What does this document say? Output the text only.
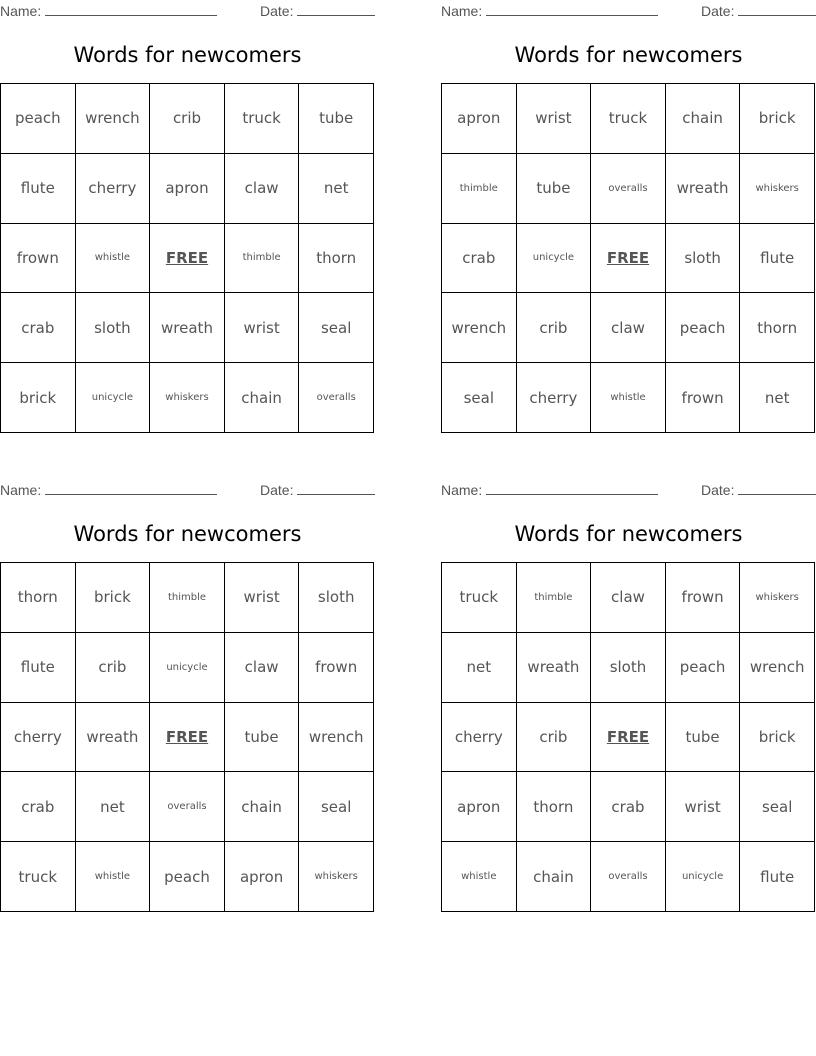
Name:	Date:
Words for newcomers
peach	wrench	crib	truck	tube
flute	cherry	apron	claw	net
frown	whistle	FREE	thimble	thorn
crab	sloth	wreath	wrist	seal
brick	unicycle	whiskers	chain	overalls
Name:	Date:
Words for newcomers
apron	wrist	truck	chain	brick
thimble	tube	overalls	wreath	whiskers
crab	unicycle	FREE	sloth	flute
wrench	crib	claw	peach	thorn
seal	cherry	whistle	frown	net
Name:	Date:
Words for newcomers
thorn	brick	thimble	wrist	sloth
flute	crib	unicycle	claw	frown
cherry	wreath	FREE	tube	wrench
crab	net	overalls	chain	seal
truck	whistle	peach	apron	whiskers
Name:	Date:
Words for newcomers
truck	thimble	claw	frown	whiskers
net	wreath	sloth	peach	wrench
cherry	crib	FREE	tube	brick
apron	thorn	crab	wrist	seal
whistle	chain	overalls	unicycle	flute
